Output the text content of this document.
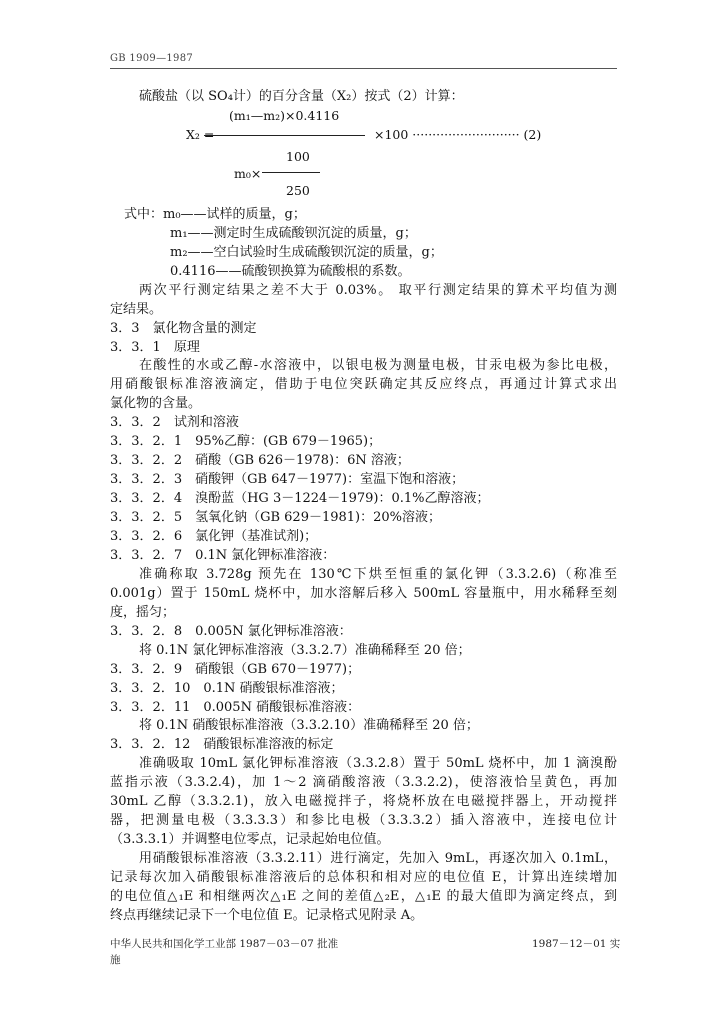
GB 1909—1987
硫酸盐（以 SO₄计）的百分含量（X₂）按式（2）计算：
(m₁—m₂)×0.4116
X₂ =	×100 ··························· (2)
100
m₀×
250
式中：m₀——试样的质量，g；
m₁——测定时生成硫酸钡沉淀的质量，g；
m₂——空白试验时生成硫酸钡沉淀的质量，g；
0.4116——硫酸钡换算为硫酸根的系数。
两次平行测定结果之差不大于 0.03%。 取平行测定结果的算术平均值为测
定结果。
3．3　氯化物含量的测定
3．3．1　原理
在酸性的水或乙醇-水溶液中，以银电极为测量电极，甘汞电极为参比电极，
用硝酸银标准溶液滴定，借助于电位突跃确定其反应终点，再通过计算式求出
氯化物的含量。
3．3．2　试剂和溶液
3．3．2．1　95%乙醇：(GB 679－1965)；
3．3．2．2　硝酸（GB 626－1978)：6N 溶液；
3．3．2．3　硝酸钾（GB 647－1977)：室温下饱和溶液；
3．3．2．4　溴酚蓝（HG 3－1224－1979)：0.1%乙醇溶液；
3．3．2．5　氢氧化钠（GB 629－1981)：20%溶液；
3．3．2．6　氯化钾（基准试剂)；
3．3．2．7　0.1N 氯化钾标准溶液：
准确称取 3.728g 预先在 130℃下烘至恒重的氯化钾（3.3.2.6)（称准至
0.001g）置于 150mL 烧杯中，加水溶解后移入 500mL 容量瓶中，用水稀释至刻
度，摇匀；
3．3．2．8　0.005N 氯化钾标准溶液：
将 0.1N 氯化钾标准溶液（3.3.2.7）准确稀释至 20 倍；
3．3．2．9　硝酸银（GB 670－1977)；
3．3．2．10　0.1N 硝酸银标准溶液；
3．3．2．11　0.005N 硝酸银标准溶液：
将 0.1N 硝酸银标准溶液（3.3.2.10）准确稀释至 20 倍；
3．3．2．12　硝酸银标准溶液的标定
准确吸取 10mL 氯化钾标准溶液（3.3.2.8）置于 50mL 烧杯中，加 1 滴溴酚
蓝指示液（3.3.2.4)，加 1～2 滴硝酸溶液（3.3.2.2)，使溶液恰呈黄色，再加
30mL 乙醇（3.3.2.1)，放入电磁搅拌子，将烧杯放在电磁搅拌器上，开动搅拌
器，把测量电极（3.3.3.3）和参比电极（3.3.3.2）插入溶液中，连接电位计
（3.3.3.1）并调整电位零点，记录起始电位值。
用硝酸银标准溶液（3.3.2.11）进行滴定，先加入 9mL，再逐次加入 0.1mL，
记录每次加入硝酸银标准溶液后的总体积和相对应的电位值 E，计算出连续增加
的电位值△₁E 和相继两次△₁E 之间的差值△₂E，△₁E 的最大值即为滴定终点，到
终点再继续记录下一个电位值 E。记录格式见附录 A。
中华人民共和国化学工业部 1987－03－07 批准
施
1987－12－01 实
